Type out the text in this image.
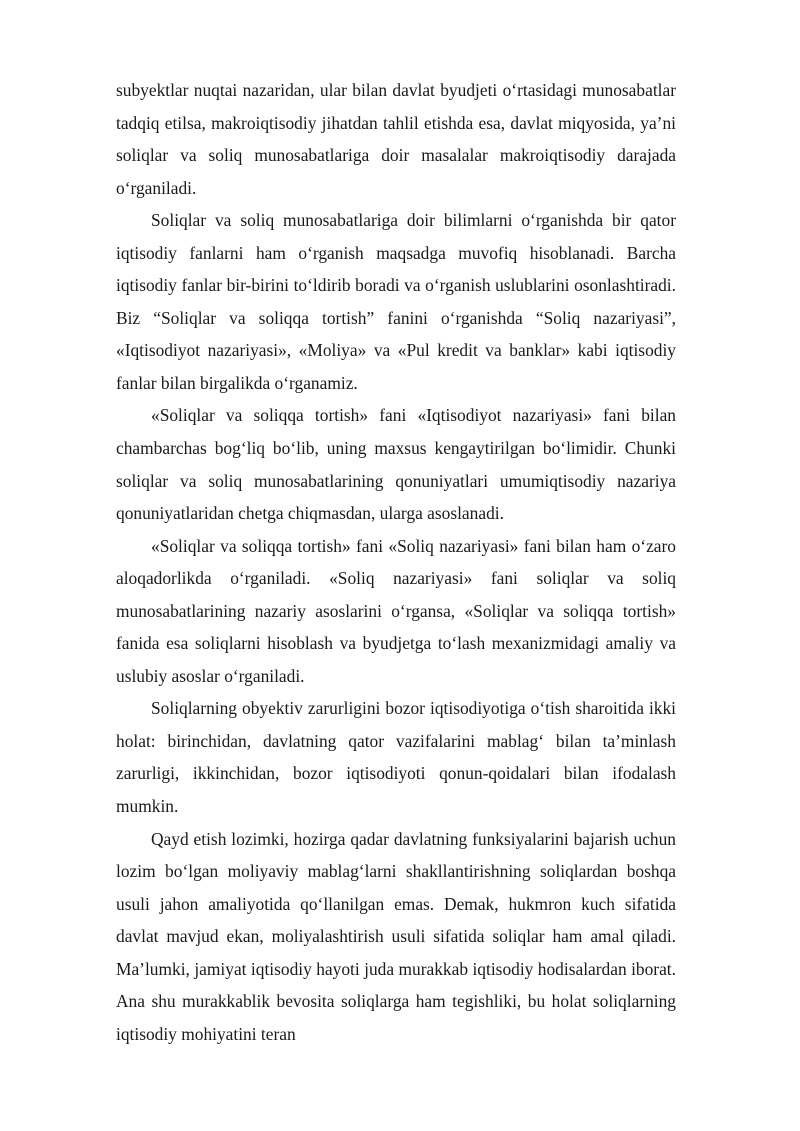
subyektlar nuqtai nazaridan, ular bilan davlat byudjeti o‘rtasidagi munosabatlar tadqiq etilsa, makroiqtisodiy jihatdan tahlil etishda esa, davlat miqyosida, ya’ni soliqlar va soliq munosabatlariga doir masalalar makroiqtisodiy darajada o‘rganiladi.

Soliqlar va soliq munosabatlariga doir bilimlarni o‘rganishda bir qator iqtisodiy fanlarni ham o‘rganish maqsadga muvofiq hisoblanadi. Barcha iqtisodiy fanlar bir-birini to‘ldirib boradi va o‘rganish uslublarini osonlashtiradi. Biz “Soliqlar va soliqqa tortish” fanini o‘rganishda “Soliq nazariyasi”, «Iqtisodiyot nazariyasi», «Moliya» va «Pul kredit va banklar» kabi iqtisodiy fanlar bilan birgalikda o‘rganamiz.

«Soliqlar va soliqqa tortish» fani «Iqtisodiyot nazariyasi» fani bilan chambarchas bog‘liq bo‘lib, uning maxsus kengaytirilgan bo‘limidir. Chunki soliqlar va soliq munosabatlarining qonuniyatlari umumiqtisodiy nazariya qonuniyatlaridan chetga chiqmasdan, ularga asoslanadi.

«Soliqlar va soliqqa tortish» fani «Soliq nazariyasi» fani bilan ham o‘zaro aloqadorlikda o‘rganiladi. «Soliq nazariyasi» fani soliqlar va soliq munosabatlarining nazariy asoslarini o‘rgansa, «Soliqlar va soliqqa tortish» fanida esa soliqlarni hisoblash va byudjetga to‘lash mexanizmidagi amaliy va uslubiy asoslar o‘rganiladi.

Soliqlarning obyektiv zarurligini bozor iqtisodiyotiga o‘tish sharoitida ikki holat: birinchidan, davlatning qator vazifalarini mablag‘ bilan ta’minlash zarurligi, ikkinchidan, bozor iqtisodiyoti qonun-qoidalari bilan ifodalash mumkin.

Qayd etish lozimki, hozirga qadar davlatning funksiyalarini bajarish uchun lozim bo‘lgan moliyaviy mablag‘larni shakllantirishning soliqlardan boshqa usuli jahon amaliyotida qo‘llanilgan emas. Demak, hukmron kuch sifatida davlat mavjud ekan, moliyalashtirish usuli sifatida soliqlar ham amal qiladi. Ma’lumki, jamiyat iqtisodiy hayoti juda murakkab iqtisodiy hodisalardan iborat. Ana shu murakkablik bevosita soliqlarga ham tegishliki, bu holat soliqlarning iqtisodiy mohiyatini teran
